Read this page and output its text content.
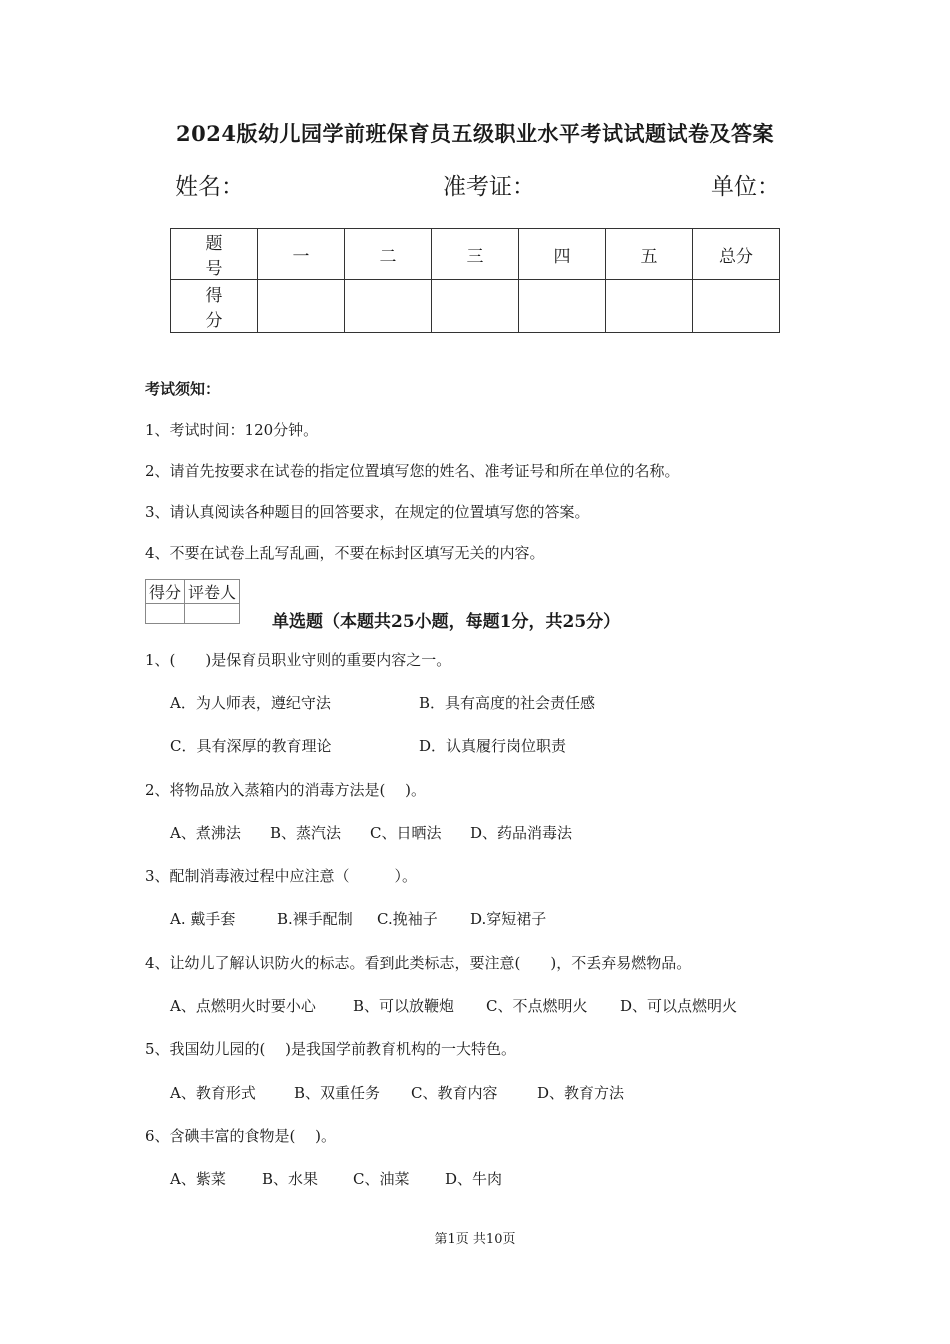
2024版幼儿园学前班保育员五级职业水平考试试题试卷及答案
姓名：	准考证：	单位：
题　号	一	二	三	四	五	总分
得　分						
考试须知：
1、考试时间：120分钟。
2、请首先按要求在试卷的指定位置填写您的姓名、准考证号和所在单位的名称。
3、请认真阅读各种题目的回答要求，在规定的位置填写您的答案。
4、不要在试卷上乱写乱画，不要在标封区填写无关的内容。
得分	评卷人

单选题（本题共25小题，每题1分，共25分）
1、(　　)是保育员职业守则的重要内容之一。
A．为人师表，遵纪守法	B．具有高度的社会责任感
C．具有深厚的教育理论	D．认真履行岗位职责
2、将物品放入蒸箱内的消毒方法是(　 )。
A、煮沸法 B、蒸汽法 C、日晒法 D、药品消毒法
3、配制消毒液过程中应注意（　　　）。
A. 戴手套	B.裸手配制 C.挽袖子 D.穿短裙子
4、让幼儿了解认识防火的标志。看到此类标志，要注意(　　)，不丢弃易燃物品。
A、点燃明火时要小心 B、可以放鞭炮 C、不点燃明火 D、可以点燃明火
5、我国幼儿园的(　 )是我国学前教育机构的一大特色。
A、教育形式	B、双重任务 C、教育内容	D、教育方法
6、含碘丰富的食物是(　 )。
A、紫菜 B、水果 C、油菜 D、牛肉
第1页 共10页
